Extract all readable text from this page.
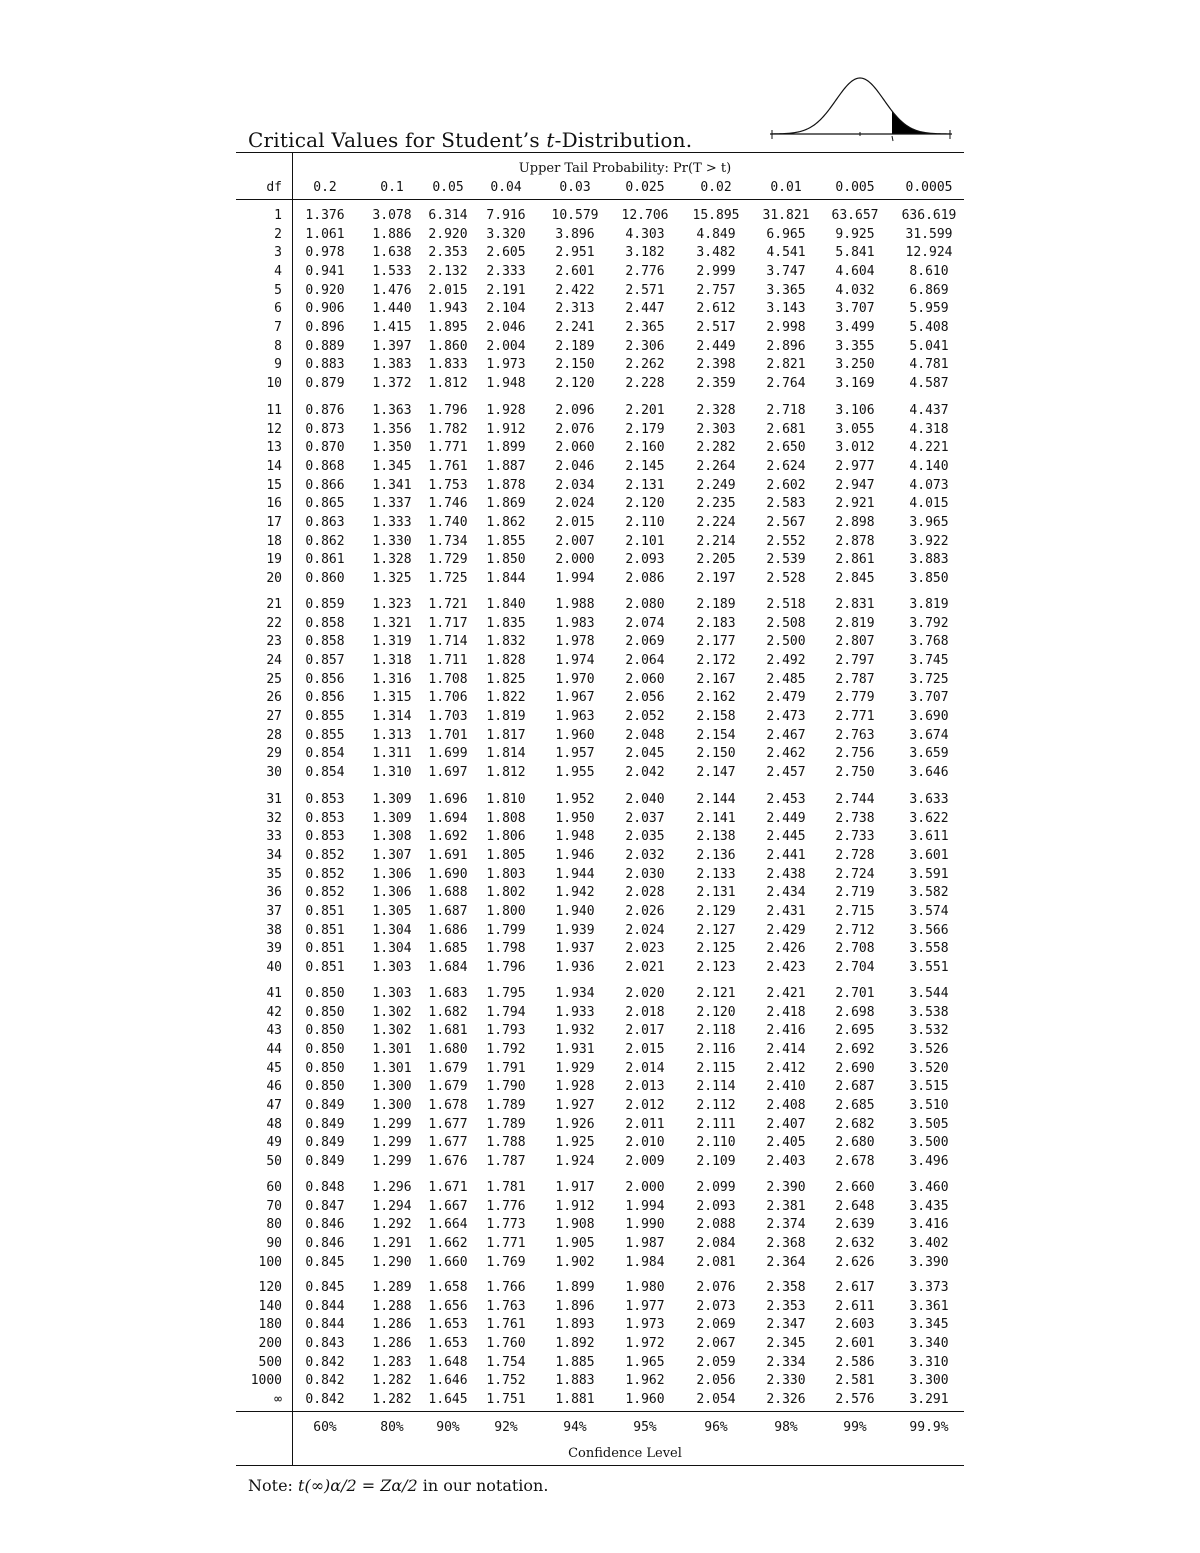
Critical Values for Student’s t-Distribution.
Upper Tail Probability: Pr(T > t)
df	0.2	0.1	0.05	0.04	0.03	0.025	0.02	0.01	0.005	0.0005
1	1.376	3.078	6.314	7.916	10.579	12.706	15.895	31.821	63.657	636.619
2	1.061	1.886	2.920	3.320	3.896	4.303	4.849	6.965	9.925	31.599
3	0.978	1.638	2.353	2.605	2.951	3.182	3.482	4.541	5.841	12.924
4	0.941	1.533	2.132	2.333	2.601	2.776	2.999	3.747	4.604	8.610
5	0.920	1.476	2.015	2.191	2.422	2.571	2.757	3.365	4.032	6.869
6	0.906	1.440	1.943	2.104	2.313	2.447	2.612	3.143	3.707	5.959
7	0.896	1.415	1.895	2.046	2.241	2.365	2.517	2.998	3.499	5.408
8	0.889	1.397	1.860	2.004	2.189	2.306	2.449	2.896	3.355	5.041
9	0.883	1.383	1.833	1.973	2.150	2.262	2.398	2.821	3.250	4.781
10	0.879	1.372	1.812	1.948	2.120	2.228	2.359	2.764	3.169	4.587
11	0.876	1.363	1.796	1.928	2.096	2.201	2.328	2.718	3.106	4.437
12	0.873	1.356	1.782	1.912	2.076	2.179	2.303	2.681	3.055	4.318
13	0.870	1.350	1.771	1.899	2.060	2.160	2.282	2.650	3.012	4.221
14	0.868	1.345	1.761	1.887	2.046	2.145	2.264	2.624	2.977	4.140
15	0.866	1.341	1.753	1.878	2.034	2.131	2.249	2.602	2.947	4.073
16	0.865	1.337	1.746	1.869	2.024	2.120	2.235	2.583	2.921	4.015
17	0.863	1.333	1.740	1.862	2.015	2.110	2.224	2.567	2.898	3.965
18	0.862	1.330	1.734	1.855	2.007	2.101	2.214	2.552	2.878	3.922
19	0.861	1.328	1.729	1.850	2.000	2.093	2.205	2.539	2.861	3.883
20	0.860	1.325	1.725	1.844	1.994	2.086	2.197	2.528	2.845	3.850
21	0.859	1.323	1.721	1.840	1.988	2.080	2.189	2.518	2.831	3.819
22	0.858	1.321	1.717	1.835	1.983	2.074	2.183	2.508	2.819	3.792
23	0.858	1.319	1.714	1.832	1.978	2.069	2.177	2.500	2.807	3.768
24	0.857	1.318	1.711	1.828	1.974	2.064	2.172	2.492	2.797	3.745
25	0.856	1.316	1.708	1.825	1.970	2.060	2.167	2.485	2.787	3.725
26	0.856	1.315	1.706	1.822	1.967	2.056	2.162	2.479	2.779	3.707
27	0.855	1.314	1.703	1.819	1.963	2.052	2.158	2.473	2.771	3.690
28	0.855	1.313	1.701	1.817	1.960	2.048	2.154	2.467	2.763	3.674
29	0.854	1.311	1.699	1.814	1.957	2.045	2.150	2.462	2.756	3.659
30	0.854	1.310	1.697	1.812	1.955	2.042	2.147	2.457	2.750	3.646
31	0.853	1.309	1.696	1.810	1.952	2.040	2.144	2.453	2.744	3.633
32	0.853	1.309	1.694	1.808	1.950	2.037	2.141	2.449	2.738	3.622
33	0.853	1.308	1.692	1.806	1.948	2.035	2.138	2.445	2.733	3.611
34	0.852	1.307	1.691	1.805	1.946	2.032	2.136	2.441	2.728	3.601
35	0.852	1.306	1.690	1.803	1.944	2.030	2.133	2.438	2.724	3.591
36	0.852	1.306	1.688	1.802	1.942	2.028	2.131	2.434	2.719	3.582
37	0.851	1.305	1.687	1.800	1.940	2.026	2.129	2.431	2.715	3.574
38	0.851	1.304	1.686	1.799	1.939	2.024	2.127	2.429	2.712	3.566
39	0.851	1.304	1.685	1.798	1.937	2.023	2.125	2.426	2.708	3.558
40	0.851	1.303	1.684	1.796	1.936	2.021	2.123	2.423	2.704	3.551
41	0.850	1.303	1.683	1.795	1.934	2.020	2.121	2.421	2.701	3.544
42	0.850	1.302	1.682	1.794	1.933	2.018	2.120	2.418	2.698	3.538
43	0.850	1.302	1.681	1.793	1.932	2.017	2.118	2.416	2.695	3.532
44	0.850	1.301	1.680	1.792	1.931	2.015	2.116	2.414	2.692	3.526
45	0.850	1.301	1.679	1.791	1.929	2.014	2.115	2.412	2.690	3.520
46	0.850	1.300	1.679	1.790	1.928	2.013	2.114	2.410	2.687	3.515
47	0.849	1.300	1.678	1.789	1.927	2.012	2.112	2.408	2.685	3.510
48	0.849	1.299	1.677	1.789	1.926	2.011	2.111	2.407	2.682	3.505
49	0.849	1.299	1.677	1.788	1.925	2.010	2.110	2.405	2.680	3.500
50	0.849	1.299	1.676	1.787	1.924	2.009	2.109	2.403	2.678	3.496
60	0.848	1.296	1.671	1.781	1.917	2.000	2.099	2.390	2.660	3.460
70	0.847	1.294	1.667	1.776	1.912	1.994	2.093	2.381	2.648	3.435
80	0.846	1.292	1.664	1.773	1.908	1.990	2.088	2.374	2.639	3.416
90	0.846	1.291	1.662	1.771	1.905	1.987	2.084	2.368	2.632	3.402
100	0.845	1.290	1.660	1.769	1.902	1.984	2.081	2.364	2.626	3.390
120	0.845	1.289	1.658	1.766	1.899	1.980	2.076	2.358	2.617	3.373
140	0.844	1.288	1.656	1.763	1.896	1.977	2.073	2.353	2.611	3.361
180	0.844	1.286	1.653	1.761	1.893	1.973	2.069	2.347	2.603	3.345
200	0.843	1.286	1.653	1.760	1.892	1.972	2.067	2.345	2.601	3.340
500	0.842	1.283	1.648	1.754	1.885	1.965	2.059	2.334	2.586	3.310
1000	0.842	1.282	1.646	1.752	1.883	1.962	2.056	2.330	2.581	3.300
∞	0.842	1.282	1.645	1.751	1.881	1.960	2.054	2.326	2.576	3.291
60%	80%	90%	92%	94%	95%	96%	98%	99%	99.9%
Confidence Level
Note: t(∞)α/2 = Zα/2 in our notation.
